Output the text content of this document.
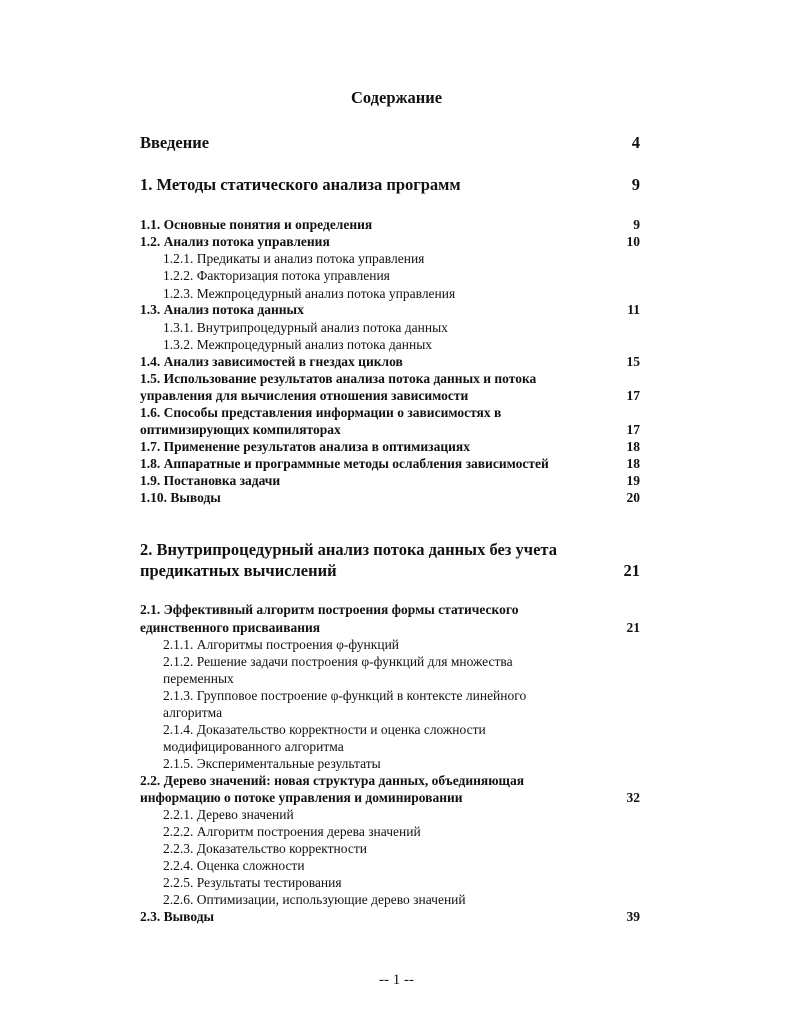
Содержание
Введение	4
1. Методы статического анализа программ	9
1.1. Основные понятия и определения	9
1.2. Анализ потока управления	10
1.2.1. Предикаты и анализ потока управления
1.2.2. Факторизация потока управления
1.2.3. Межпроцедурный анализ потока управления
1.3. Анализ потока данных	11
1.3.1. Внутрипроцедурный анализ потока данных
1.3.2. Межпроцедурный анализ потока данных
1.4. Анализ зависимостей в гнездах циклов	15
1.5. Использование результатов анализа потока данных и потока
управления для вычисления отношения зависимости	17
1.6. Способы представления информации о зависимостях в
оптимизирующих компиляторах	17
1.7. Применение результатов анализа в оптимизациях	18
1.8. Аппаратные и программные методы ослабления зависимостей	18
1.9. Постановка задачи	19
1.10. Выводы	20
2. Внутрипроцедурный анализ потока данных без учета
предикатных вычислений	21
2.1. Эффективный алгоритм построения формы статического
единственного присваивания	21
2.1.1. Алгоритмы построения φ-функций
2.1.2. Решение задачи построения φ-функций для множества
переменных
2.1.3. Групповое построение φ-функций в контексте линейного
алгоритма
2.1.4. Доказательство корректности и оценка сложности
модифицированного алгоритма
2.1.5. Экспериментальные результаты
2.2. Дерево значений: новая структура данных, объединяющая
информацию о потоке управления и доминировании	32
2.2.1. Дерево значений
2.2.2. Алгоритм построения дерева значений
2.2.3. Доказательство корректности
2.2.4. Оценка сложности
2.2.5. Результаты тестирования
2.2.6. Оптимизации, использующие дерево значений
2.3. Выводы	39
-- 1 --
